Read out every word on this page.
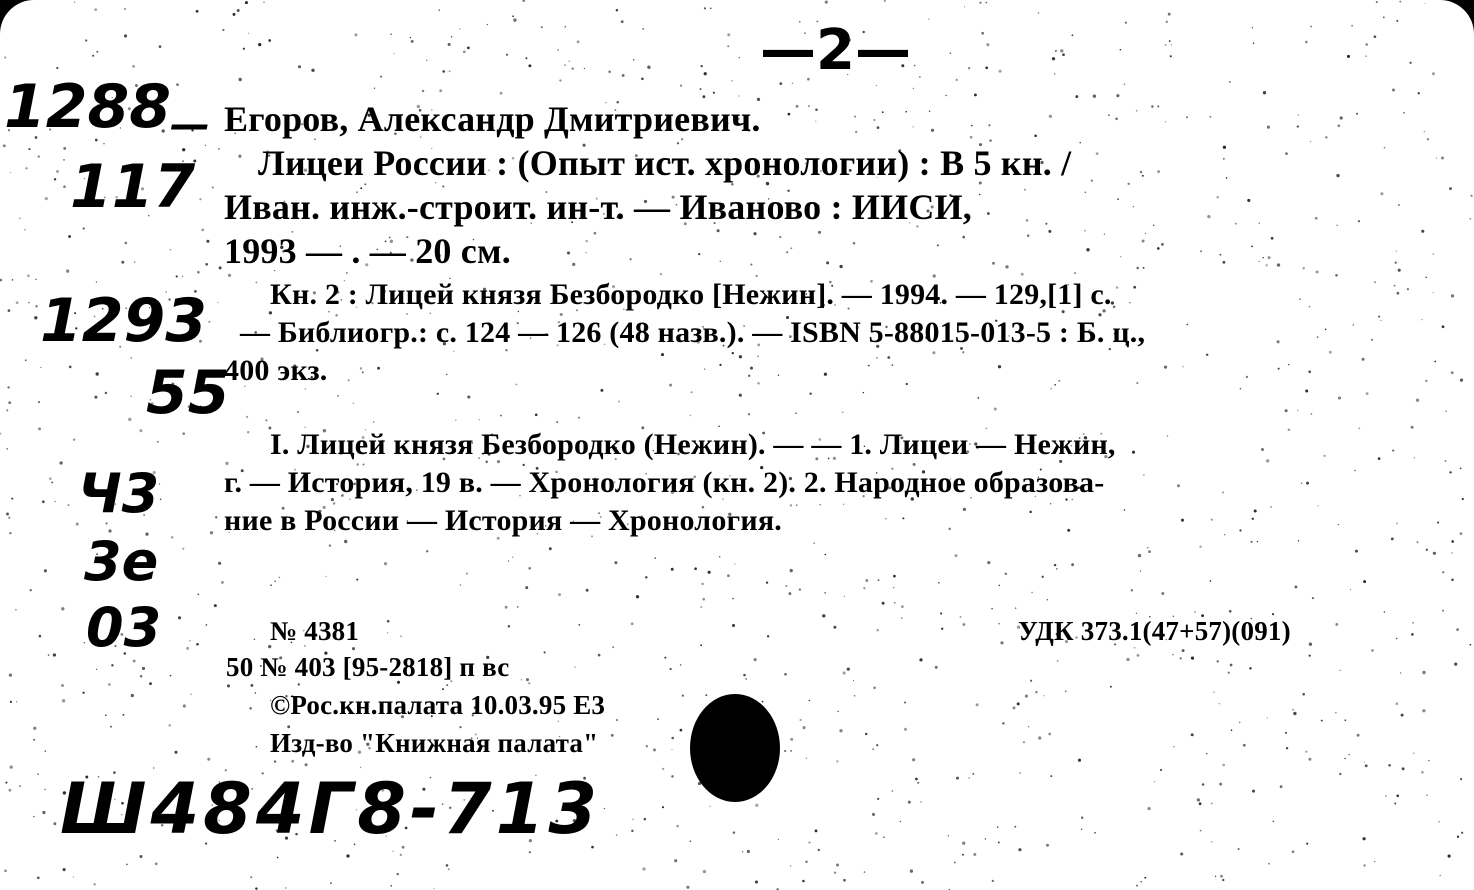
—2—
1288 —
117
1293
55
Ч3
3е
03
Ш484Г8-713
Егоров, Александр Дмитриевич.
Лицеи России : (Опыт ист. хронологии) : В 5 кн. /
Иван. инж.-строит. ин-т. — Иваново : ИИСИ,
1993 — . — 20 см.
Кн. 2 : Лицей князя Безбородко [Нежин]. — 1994. — 129,[1] с.
— Библиогр.: с. 124 — 126 (48 назв.). — ISBN 5-88015-013-5 : Б. ц.,
400 экз.
I. Лицей князя Безбородко (Нежин). — — 1. Лицеи — Нежин,
г. — История, 19 в. — Хронология (кн. 2). 2. Народное образова-
ние в России — История — Хронология.
№ 4381	УДК 373.1(47+57)(091)
50 № 403 [95-2818] п вс
©Рос.кн.палата 10.03.95 Е3
Изд-во "Книжная палата"
